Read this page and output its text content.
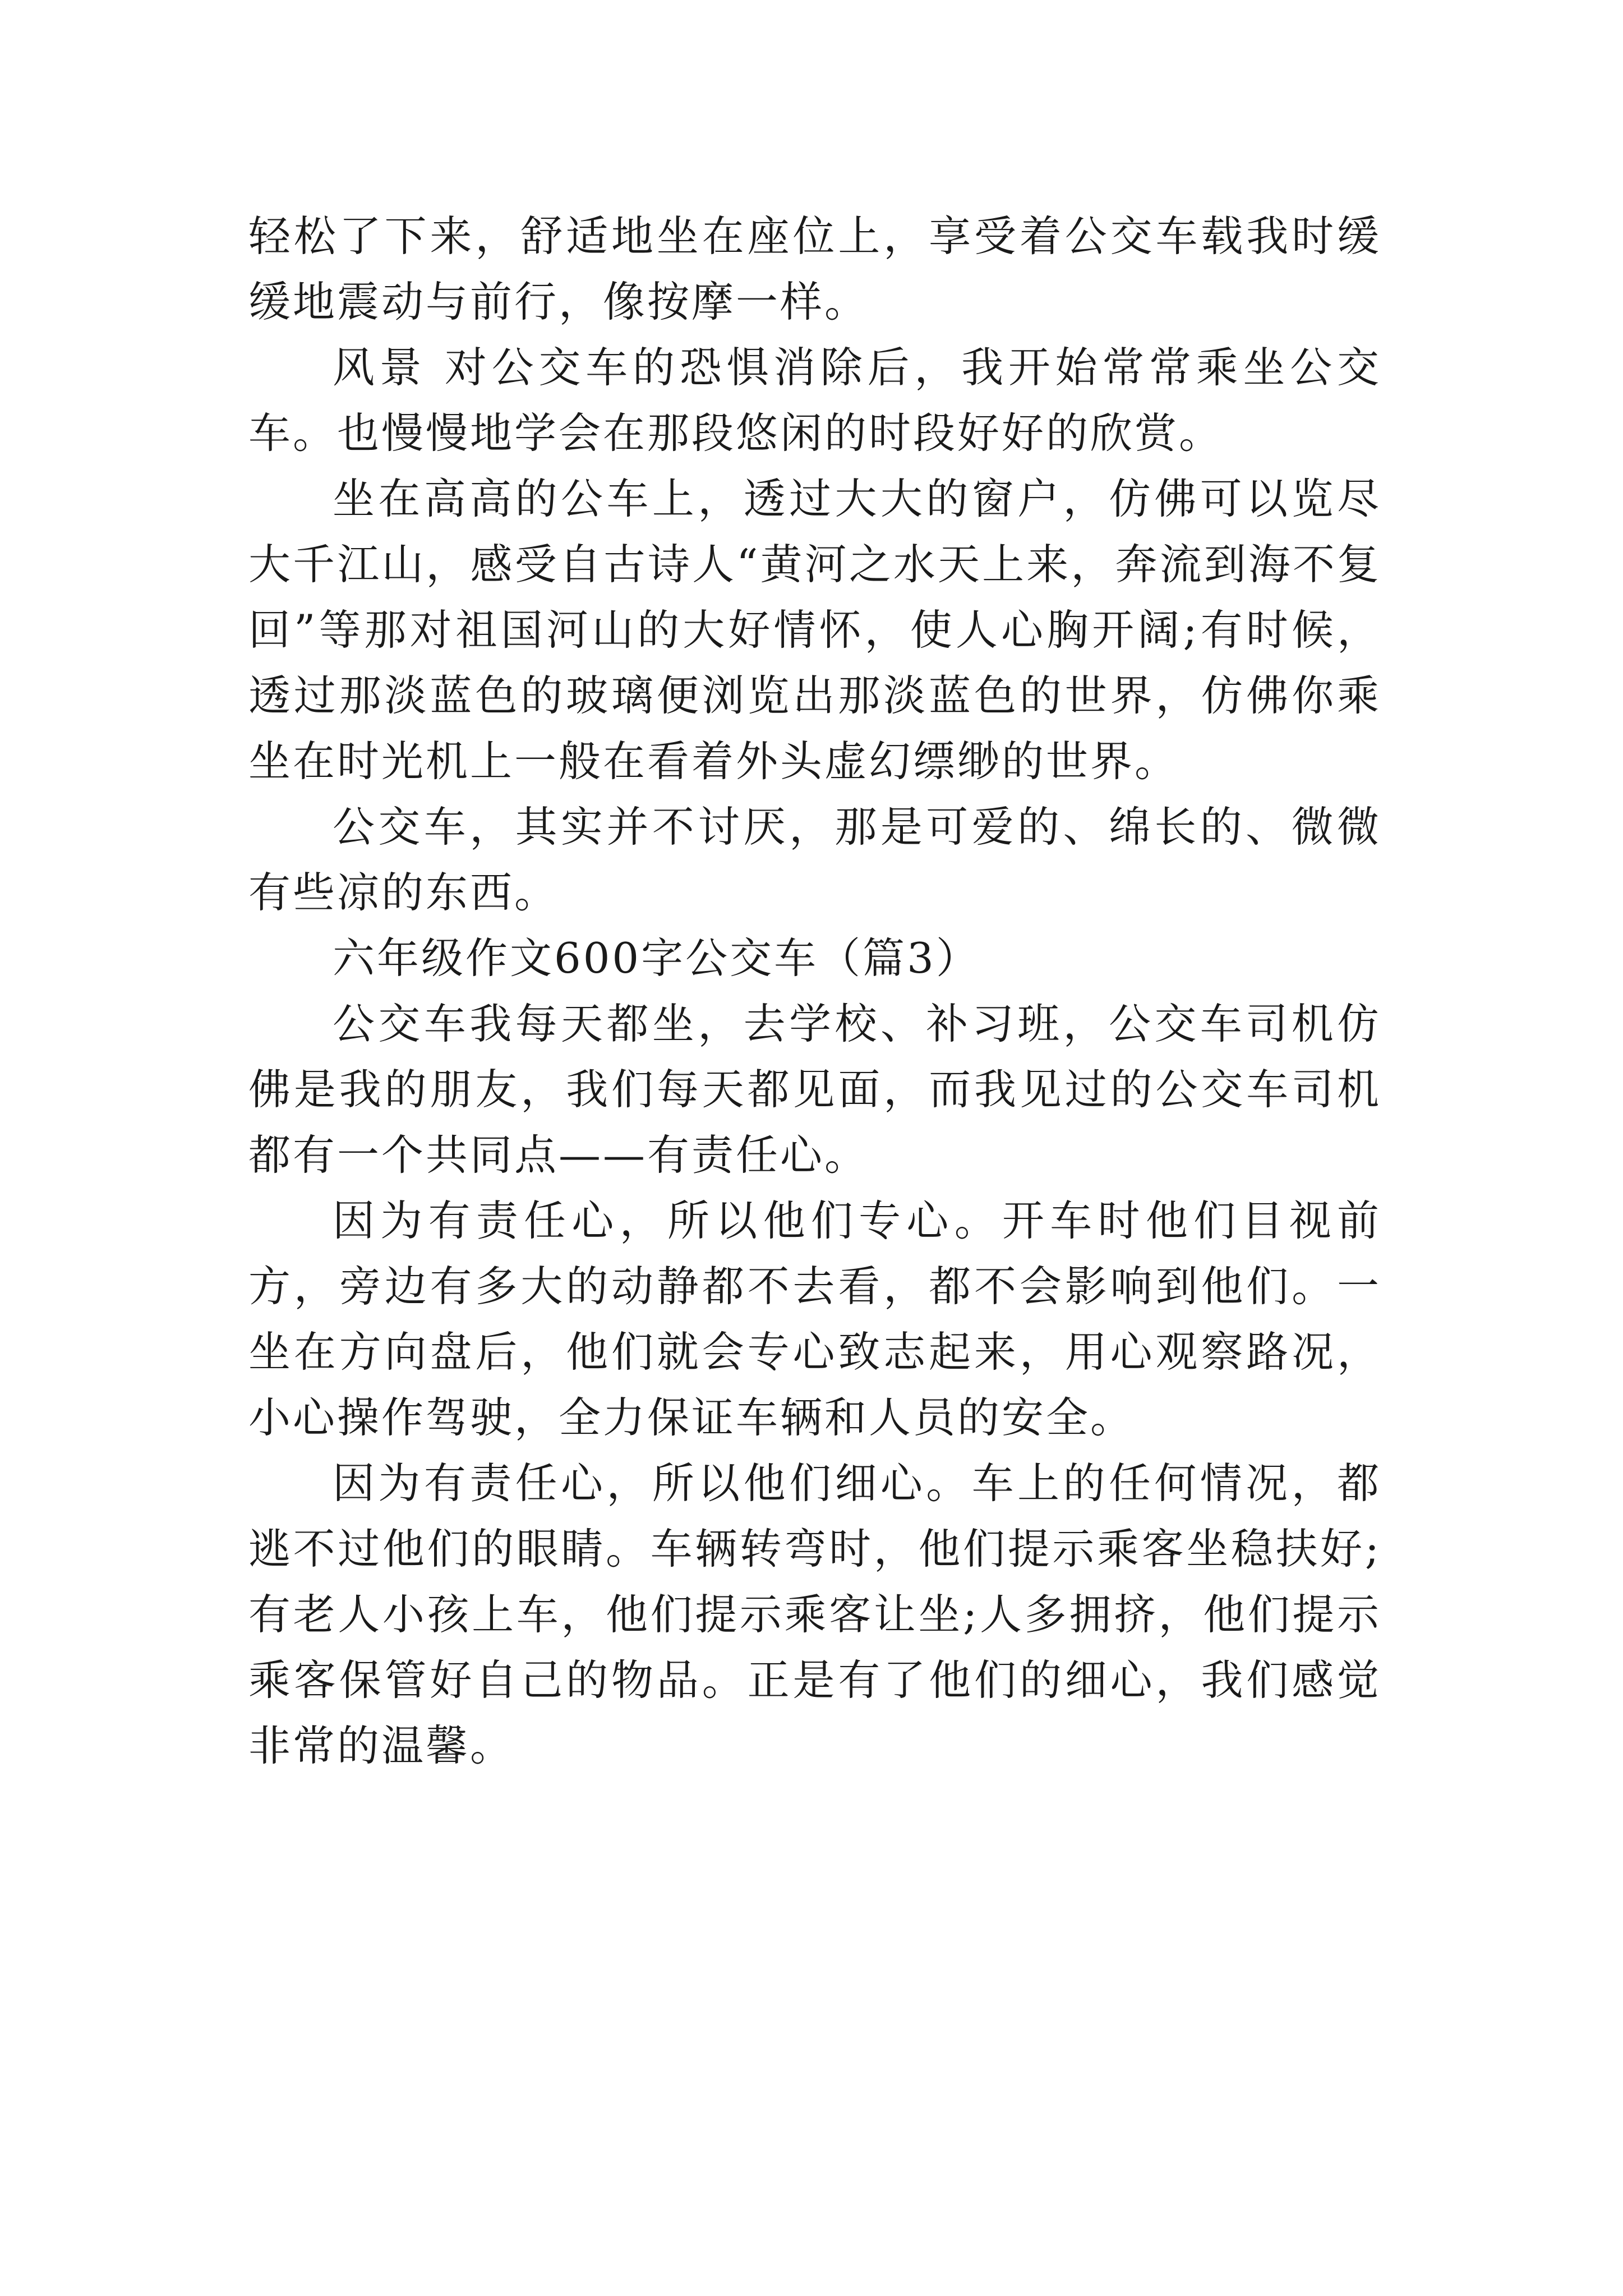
轻松了下来，舒适地坐在座位上，享受着公交车载我时缓缓地震动与前行，像按摩一样。

风景 对公交车的恐惧消除后，我开始常常乘坐公交车。也慢慢地学会在那段悠闲的时段好好的欣赏。

坐在高高的公车上，透过大大的窗户，仿佛可以览尽大千江山，感受自古诗人“黄河之水天上来，奔流到海不复回”等那对祖国河山的大好情怀，使人心胸开阔;有时候，透过那淡蓝色的玻璃便浏览出那淡蓝色的世界，仿佛你乘坐在时光机上一般在看着外头虚幻缥缈的世界。

公交车，其实并不讨厌，那是可爱的、绵长的、微微有些凉的东西。

六年级作文600字公交车（篇3）

公交车我每天都坐，去学校、补习班，公交车司机仿佛是我的朋友，我们每天都见面，而我见过的公交车司机都有一个共同点——有责任心。

因为有责任心，所以他们专心。开车时他们目视前方，旁边有多大的动静都不去看，都不会影响到他们。一坐在方向盘后，他们就会专心致志起来，用心观察路况，小心操作驾驶，全力保证车辆和人员的安全。

因为有责任心，所以他们细心。车上的任何情况，都逃不过他们的眼睛。车辆转弯时，他们提示乘客坐稳扶好;有老人小孩上车，他们提示乘客让坐;人多拥挤，他们提示乘客保管好自己的物品。正是有了他们的细心，我们感觉非常的温馨。
